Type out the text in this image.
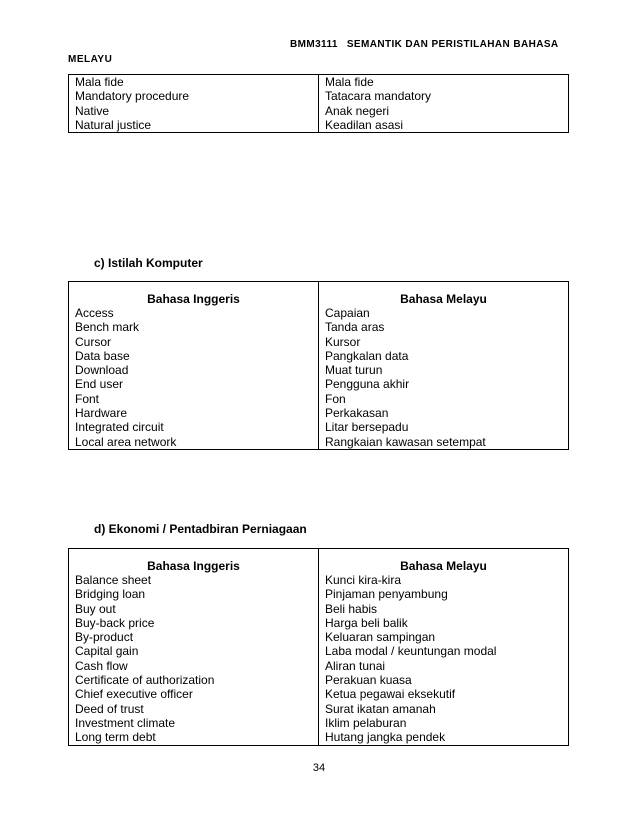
BMM3111 SEMANTIK DAN PERISTILAHAN BAHASA
MELAYU
Mala fide	Mala fide
Mandatory procedure	Tatacara mandatory
Native	Anak negeri
Natural justice	Keadilan asasi
c) Istilah Komputer
Bahasa Inggeris	Bahasa Melayu
Access	Capaian
Bench mark	Tanda aras
Cursor	Kursor
Data base	Pangkalan data
Download	Muat turun
End user	Pengguna akhir
Font	Fon
Hardware	Perkakasan
Integrated circuit	Litar bersepadu
Local area network	Rangkaian kawasan setempat
d) Ekonomi / Pentadbiran Perniagaan
Bahasa Inggeris	Bahasa Melayu
Balance sheet	Kunci kira-kira
Bridging loan	Pinjaman penyambung
Buy out	Beli habis
Buy-back price	Harga beli balik
By-product	Keluaran sampingan
Capital gain	Laba modal / keuntungan modal
Cash flow	Aliran tunai
Certificate of authorization	Perakuan kuasa
Chief executive officer	Ketua pegawai eksekutif
Deed of trust	Surat ikatan amanah
Investment climate	Iklim pelaburan
Long term debt	Hutang jangka pendek
34
